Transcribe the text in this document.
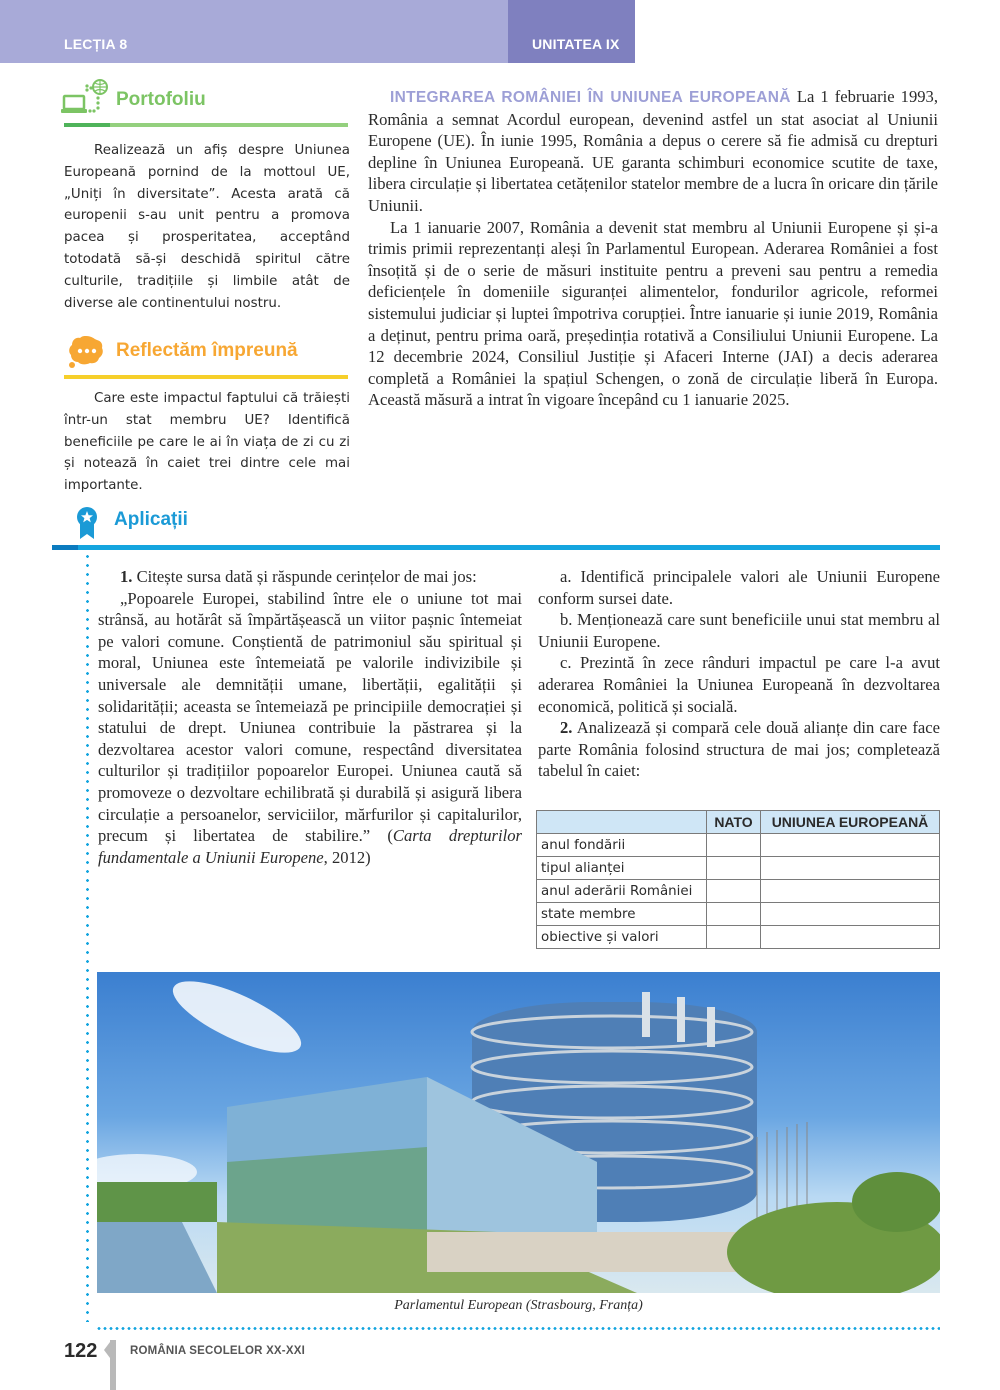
LECȚIA 8	UNITATEA IX
Portofoliu

Realizează un afiș despre Uniunea Europeană pornind de la mottoul UE, „Uniți în diversitate”. Acesta arată că europenii s-au unit pentru a promova pacea și prosperitatea, acceptând totodată să-și deschidă spiritul către culturile, tradițiile și limbile atât de diverse ale continentului nostru.

Reflectăm împreună

Care este impactul faptului că trăiești într-un stat membru UE? Identifică beneficiile pe care le ai în viața de zi cu zi și notează în caiet trei dintre cele mai importante.

INTEGRAREA ROMÂNIEI ÎN UNIUNEA EUROPEANĂ La 1 februarie 1993, România a semnat Acordul european, devenind astfel un stat asociat al Uniunii Europene (UE). În iunie 1995, România a depus o cerere să fie admisă cu drepturi depline în Uniunea Europeană. UE garanta schimburi economice scutite de taxe, libera circulație și libertatea cetățenilor statelor membre de a lucra în oricare din țările Uniunii.

La 1 ianuarie 2007, România a devenit stat membru al Uniunii Europene și și-a trimis primii reprezentanți aleși în Parlamentul European. Aderarea României a fost însoțită și de o serie de măsuri instituite pentru a preveni sau pentru a remedia deficiențele în domeniile siguranței alimentelor, fondurilor agricole, reformei sistemului judiciar și luptei împotriva corupției. Între ianuarie și iunie 2019, România a deținut, pentru prima oară, președinția rotativă a Consiliului Uniunii Europene. La 12 decembrie 2024, Consiliul Justiție și Afaceri Interne (JAI) a decis aderarea completă a României la spațiul Schengen, o zonă de circulație liberă în Europa. Această măsură a intrat în vigoare începând cu 1 ianuarie 2025.

Aplicații

1. Citește sursa dată și răspunde cerințelor de mai jos:

„Popoarele Europei, stabilind între ele o uniune tot mai strânsă, au hotărât să împărtășească un viitor pașnic întemeiat pe valori comune. Conștientă de patrimoniul său spiritual și moral, Uniunea este întemeiată pe valorile indivizibile și universale ale demnității umane, libertății, egalității și solidarității; aceasta se întemeiază pe principiile democrației și statului de drept. Uniunea contribuie la păstrarea și la dezvoltarea acestor valori comune, respectând diversitatea culturilor și tradițiilor popoarelor Europei. Uniunea caută să promoveze o dezvoltare echilibrată și durabilă și asigură libera circulație a persoanelor, serviciilor, mărfurilor și capitalurilor, precum și libertatea de stabilire.” (Carta drepturilor fundamentale a Uniunii Europene, 2012)

a. Identifică principalele valori ale Uniunii Europene conform sursei date.

b. Menționează care sunt beneficiile unui stat membru al Uniunii Europene.

c. Prezintă în zece rânduri impactul pe care l-a avut aderarea României la Uniunea Europeană în dezvoltarea economică, politică și socială.

2. Analizează și compară cele două alianțe din care face parte România folosind structura de mai jos; completează tabelul în caiet:

	NATO	UNIUNEA EUROPEANĂ
anul fondării		
tipul alianței		
anul aderării României		
state membre		
obiective și valori		
Parlamentul European (Strasbourg, Franța)
122	ROMÂNIA SECOLELOR XX-XXI
